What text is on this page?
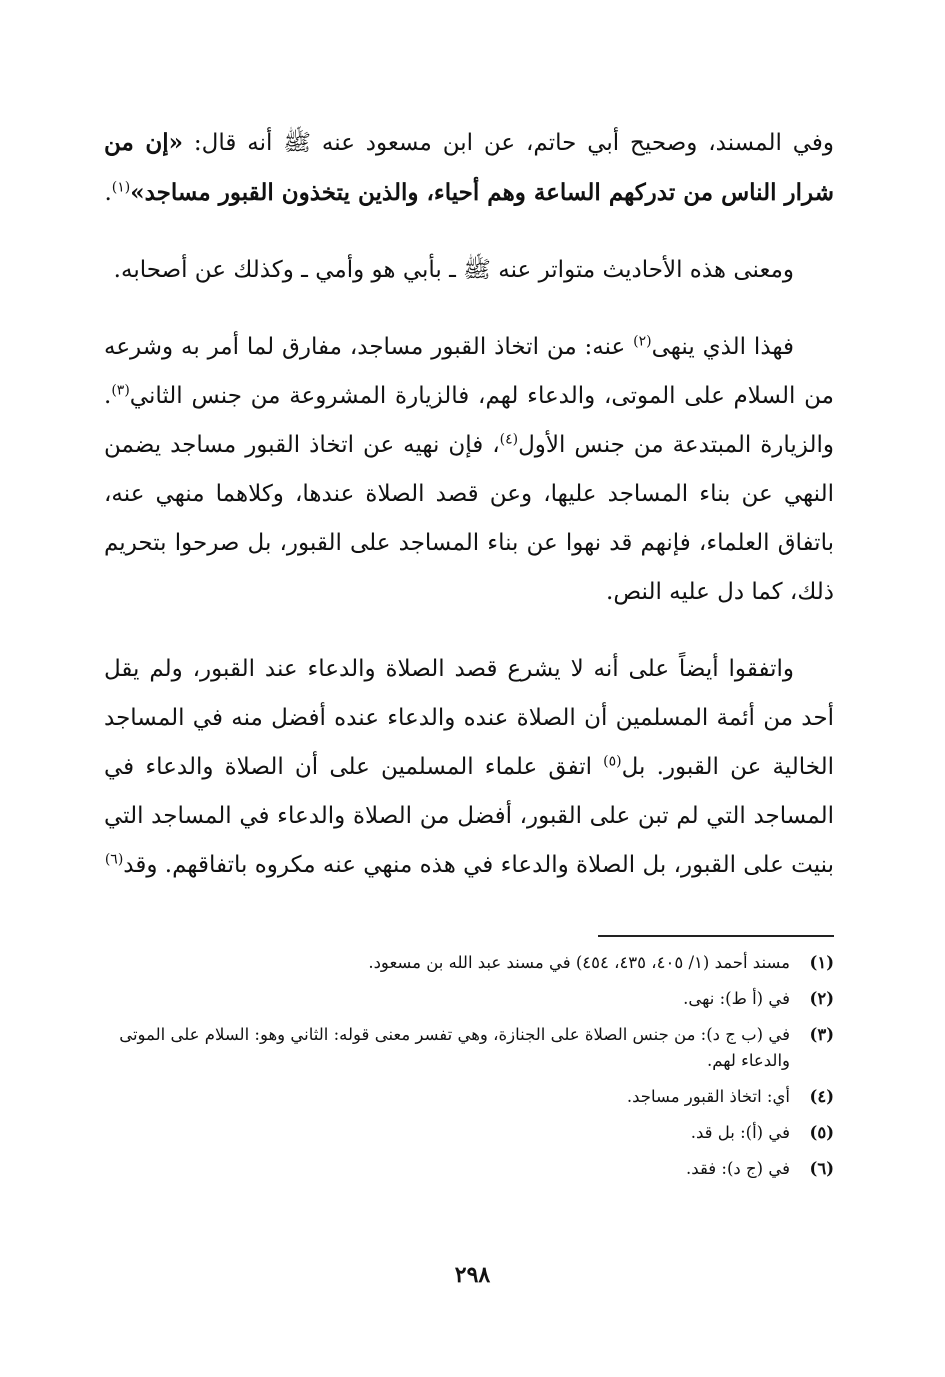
وفي المسند، وصحيح أبي حاتم، عن ابن مسعود عنه ﷺ أنه قال: «إن من شرار الناس من تدركهم الساعة وهم أحياء، والذين يتخذون القبور مساجد»$^{(١)}$.

ومعنى هذه الأحاديث متواتر عنه ﷺ ـ بأبي هو وأمي ـ وكذلك عن أصحابه.

فهذا الذي ينهى$^{(٢)}$ عنه: من اتخاذ القبور مساجد، مفارق لما أمر به وشرعه من السلام على الموتى، والدعاء لهم، فالزيارة المشروعة من جنس الثاني$^{(٣)}$. والزيارة المبتدعة من جنس الأول$^{(٤)}$، فإن نهيه عن اتخاذ القبور مساجد يضمن النهي عن بناء المساجد عليها، وعن قصد الصلاة عندها، وكلاهما منهي عنه، باتفاق العلماء، فإنهم قد نهوا عن بناء المساجد على القبور، بل صرحوا بتحريم ذلك، كما دل عليه النص.

واتفقوا أيضاً على أنه لا يشرع قصد الصلاة والدعاء عند القبور، ولم يقل أحد من أئمة المسلمين أن الصلاة عنده والدعاء عنده أفضل منه في المساجد الخالية عن القبور. بل$^{(٥)}$ اتفق علماء المسلمين على أن الصلاة والدعاء في المساجد التي لم تبن على القبور، أفضل من الصلاة والدعاء في المساجد التي بنيت على القبور، بل الصلاة والدعاء في هذه منهي عنه مكروه باتفاقهم. وقد$^{(٦)}$

(١)
مسند أحمد (١/ ٤٠٥، ٤٣٥، ٤٥٤) في مسند عبد الله بن مسعود.
(٢)
في (أ ط): نهى.
(٣)
في (ب ج د): من جنس الصلاة على الجنازة، وهي تفسر معنى قوله: الثاني وهو: السلام على الموتى والدعاء لهم.
(٤)
أي: اتخاذ القبور مساجد.
(٥)
في (أ): بل قد.
(٦)
في (ج د): فقد.
٢٩٨
